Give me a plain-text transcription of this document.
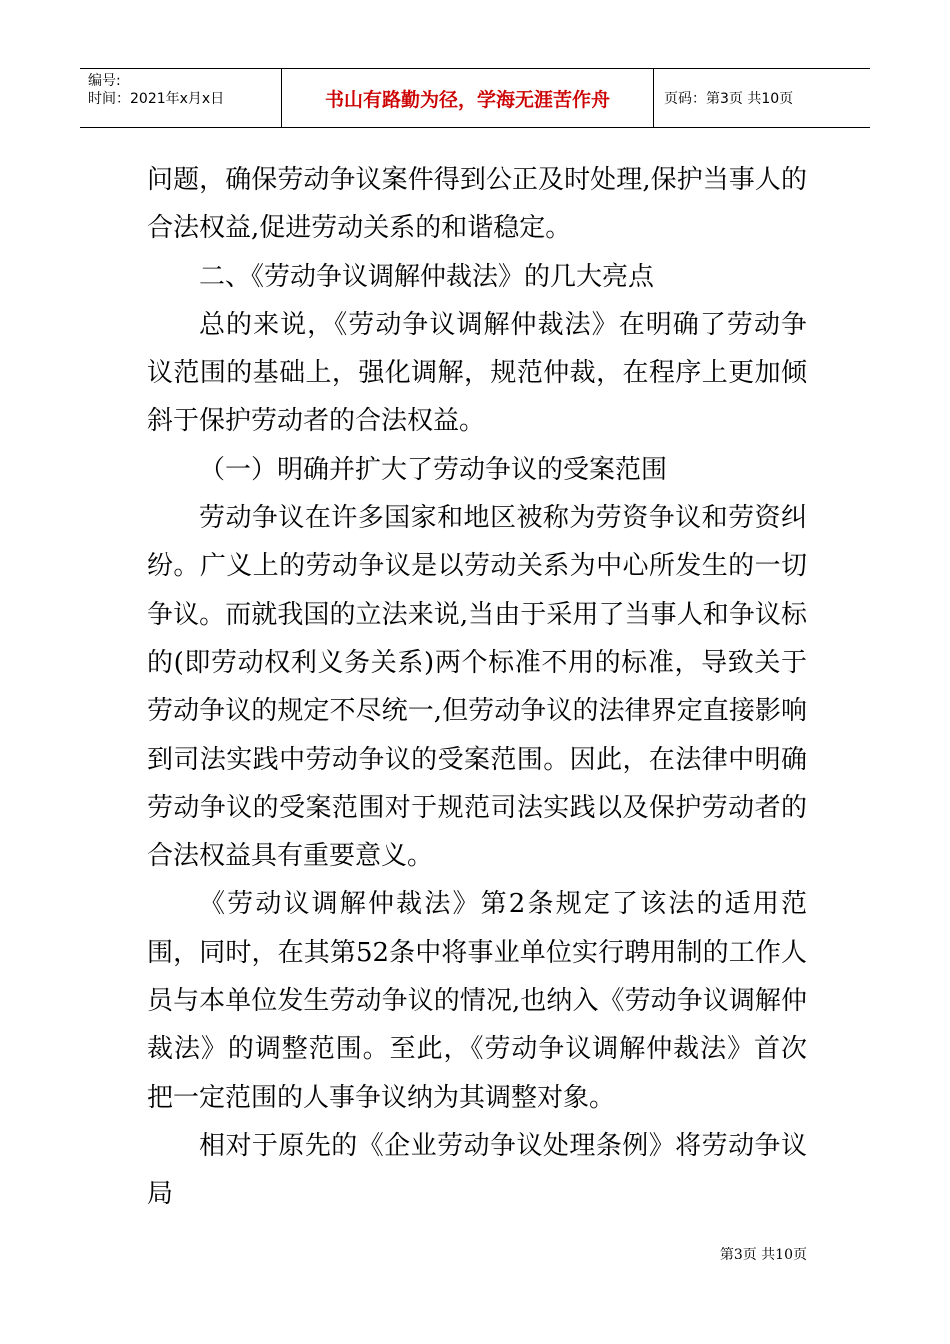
编号:
时间：2021年x月x日	书山有路勤为径，学海无涯苦作舟	页码：第3页 共10页

问题，确保劳动争议案件得到公正及时处理,保护当事人的合法权益,促进劳动关系的和谐稳定。

二、《劳动争议调解仲裁法》的几大亮点

总的来说，《劳动争议调解仲裁法》在明确了劳动争议范围的基础上，强化调解，规范仲裁，在程序上更加倾斜于保护劳动者的合法权益。

（一）明确并扩大了劳动争议的受案范围

劳动争议在许多国家和地区被称为劳资争议和劳资纠纷。广义上的劳动争议是以劳动关系为中心所发生的一切争议。而就我国的立法来说,当由于采用了当事人和争议标的(即劳动权利义务关系)两个标准不用的标准，导致关于劳动争议的规定不尽统一,但劳动争议的法律界定直接影响到司法实践中劳动争议的受案范围。因此，在法律中明确劳动争议的受案范围对于规范司法实践以及保护劳动者的合法权益具有重要意义。

《劳动议调解仲裁法》第2条规定了该法的适用范围，同时，在其第52条中将事业单位实行聘用制的工作人员与本单位发生劳动争议的情况,也纳入《劳动争议调解仲裁法》的调整范围。至此，《劳动争议调解仲裁法》首次把一定范围的人事争议纳为其调整对象。

相对于原先的《企业劳动争议处理条例》将劳动争议局

第3页 共10页
